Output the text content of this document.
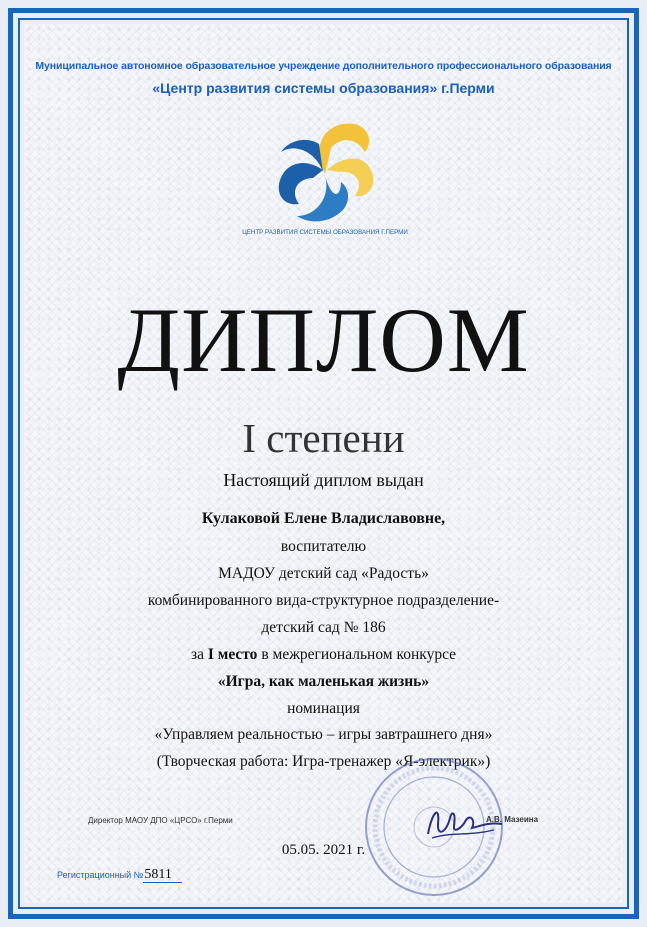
Муниципальное автономное образовательное учреждение дополнительного профессионального образования
«Центр развития системы образования» г.Перми
ЦЕНТР РАЗВИТИЯ СИСТЕМЫ ОБРАЗОВАНИЯ Г.ПЕРМИ
ДИПЛОМ
I степени
Настоящий диплом выдан
Кулаковой Елене Владиславовне,
воспитателю
МАДОУ детский сад «Радость»
комбинированного вида-структурное подразделение-
детский сад № 186
за I место в межрегиональном конкурсе
«Игра, как маленькая жизнь»
номинация
«Управляем реальностью – игры завтрашнего дня»
(Творческая работа: Игра-тренажер «Я-электрик»)
Директор МАОУ ДПО «ЦРСО» г.Перми	А.В. Мазеина
05.05. 2021 г.
Регистрационный №5811
